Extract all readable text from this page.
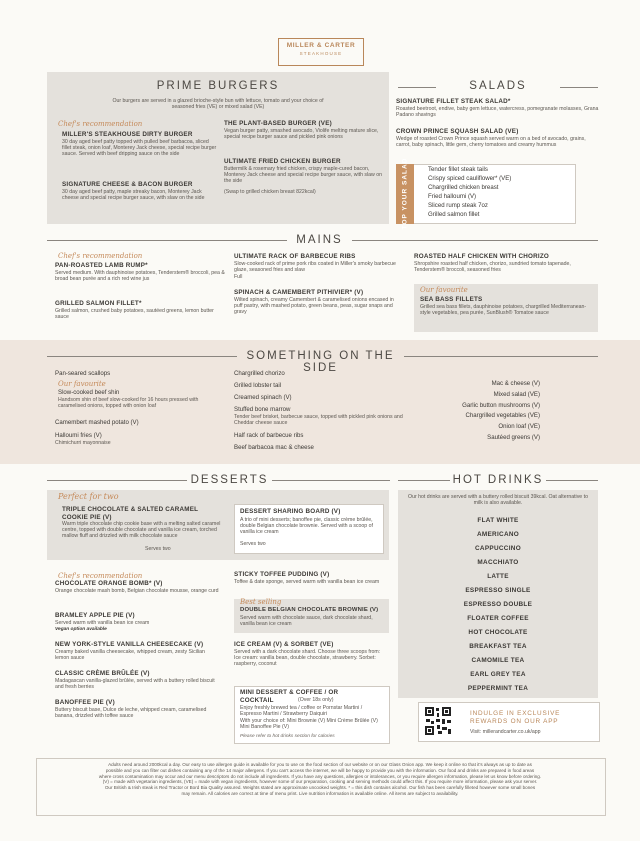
MILLER & CARTER
STEAKHOUSE
PRIME BURGERS
Our burgers are served in a glazed brioche-style bun with lettuce, tomato and your choice of seasoned fries (VE) or mixed salad (VE)
Chef's recommendation
MILLER'S STEAKHOUSE DIRTY BURGER
30 day aged beef patty topped with pulled beef barbacoa, sliced fillet steak, onion loaf, Monterey Jack cheese, special recipe burger sauce. Served with beef dripping sauce on the side
SIGNATURE CHEESE & BACON BURGER
30 day aged beef patty, maple streaky bacon, Monterey Jack cheese and special recipe burger sauce, with slaw on the side
THE PLANT-BASED BURGER (VE)
Vegan burger patty, smashed avocado, Violife melting mature slice, special recipe burger sauce and pickled pink onions
ULTIMATE FRIED CHICKEN BURGER
Buttermilk & rosemary fried chicken, crispy maple-cured bacon, Monterey Jack cheese and special recipe burger sauce, with slaw on the side
(Swap to grilled chicken breast 822kcal)
SALADS
SIGNATURE FILLET STEAK SALAD*
Roasted beetroot, endive, baby gem lettuce, watercress, pomegranate molasses, Grana Padano shavings
CROWN PRINCE SQUASH SALAD (VE)
Wedge of roasted Crown Prince squash served warm on a bed of avocado, grains, carrot, baby spinach, little gem, cherry tomatoes and creamy hummus
TOP YOUR SALAD	Tender fillet steak tails
Crispy spiced cauliflower* (VE)
Chargrilled chicken breast
Fried halloumi (V)
Sliced rump steak 7oz
Grilled salmon fillet
MAINS
Chef's recommendation
PAN-ROASTED LAMB RUMP*
Served medium. With dauphinoise potatoes, Tenderstem® broccoli, pea & broad bean purée and a rich red wine jus
GRILLED SALMON FILLET*
Grilled salmon, crushed baby potatoes, sautéed greens, lemon butter sauce
ULTIMATE RACK OF BARBECUE RIBS
Slow-cooked rack of prime pork ribs coated in Miller's smoky barbecue glaze, seasoned fries and slaw
Full
SPINACH & CAMEMBERT PITHIVIER* (V)
Wilted spinach, creamy Camembert & caramelised onions encased in puff pastry, with mashed potato, green beans, peas, sugar snaps and gravy
ROASTED HALF CHICKEN WITH CHORIZO
Shropshire roasted half chicken, chorizo, sundried tomato tapenade, Tenderstem® broccoli, seasoned fries
Our favourite
SEA BASS FILLETS
Grilled sea bass fillets, dauphinoise potatoes, chargrilled Mediterranean-style vegetables, pea purée, SunBlush® Tomatoe sauce
SOMETHING ON THE SIDE
Pan-seared scallops
Our favourite
Slow-cooked beef shin
Handsom shin of beef slow-cooked for 16 hours pressed with caramelised onions, topped with onion loaf
Camembert mashed potato (V)
Halloumi fries (V)
Chimichurri mayonnaise
Chargrilled chorizo
Grilled lobster tail
Creamed spinach (V)
Stuffed bone marrow
Tender beef brisket, barbecue sauce, topped with pickled pink onions and Cheddar cheese sauce
Half rack of barbecue ribs
Beef barbacoa mac & cheese
Mac & cheese (V)
Mixed salad (VE)
Garlic button mushrooms (V)
Chargrilled vegetables (VE)
Onion loaf (VE)
Sautéed greens (V)
DESSERTS
Perfect for two
TRIPLE CHOCOLATE & SALTED CARAMEL COOKIE PIE (V)
Warm triple chocolate chip cookie base with a melting salted caramel centre, topped with double chocolate and vanilla ice cream, torched mallow fluff and drizzled with milk chocolate sauce
Serves two
DESSERT SHARING BOARD (V)
A trio of mini desserts; banoffee pie, classic crème brûlée, double Belgian chocolate brownie. Served with a scoop of vanilla ice cream
Serves two
Chef's recommendation
CHOCOLATE ORANGE BOMB* (V)
Orange chocolate mash bomb, Belgian chocolate mousse, orange curd
BRAMLEY APPLE PIE (V)
Served warm with vanilla bean ice cream
Vegan option available
NEW YORK-STYLE VANILLA CHEESECAKE (V)
Creamy baked vanilla cheesecake, whipped cream, zesty Sicilian lemon sauce
CLASSIC CRÈME BRÛLÉE (V)
Madagascan vanilla-glazed brûlée, served with a buttery rolled biscuit and fresh berries
BANOFFEE PIE (V)
Buttery biscuit base, Dulce de leche, whipped cream, caramelised banana, drizzled with toffee sauce
STICKY TOFFEE PUDDING (V)
Toffee & date sponge, served warm with vanilla bean ice cream
Best selling
DOUBLE BELGIAN CHOCOLATE BROWNIE (V)
Served warm with chocolate sauce, dark chocolate shard, vanilla bean ice cream
ICE CREAM (V) & SORBET (VE)
Served with a dark chocolate shard. Choose three scoops from: Ice cream: vanilla bean, double chocolate, strawberry. Sorbet: raspberry, coconut
MINI DESSERT & COFFEE / OR COCKTAIL	(Over 18s only)
Enjoy freshly brewed tea / coffee or Pornstar Martini / Espresso Martini / Strawberry Daiquiri
With your choice of: Mini Brownie (V) Mini Crème Brûlée (V) Mini Banoffee Pie (V)
Please refer to hot drinks section for calories
HOT DRINKS
Our hot drinks are served with a buttery rolled biscuit 39kcal. Oat alternative to milk is also available.
FLAT WHITE
AMERICANO
CAPPUCCINO
MACCHIATO
LATTE
ESPRESSO SINGLE
ESPRESSO DOUBLE
FLOATER COFFEE
HOT CHOCOLATE
BREAKFAST TEA
CAMOMILE TEA
EARL GREY TEA
PEPPERMINT TEA
INDULGE IN EXCLUSIVE
REWARDS ON OUR APP
Visit: millerandcarter.co.uk/app
Adults need around 2000kcal a day. Our easy to use allergen guide is available for you to use on the food section of our website or on our Glass Onion app. We keep it online so that it's always as up to date as
possible and you can filter out dishes containing any of the 14 major allergens. If you can't access the internet, we will be happy to provide you with the information. Our food and drinks are prepared in food areas
where cross contamination may occur and our menu descriptors do not include all ingredients. If you have any questions, allergies or intolerances, or you require allergen information, please let us know before ordering.
(V) = made with vegetarian ingredients, (VE) = made with vegan ingredients, however some of our preparation, cooking and serving methods could affect this. If you require more information, please ask your server.
Our British & Irish steak is Red Tractor or Bord Bia Quality assured. Weights stated are approximate uncooked weights. * = this dish contains alcohol. Our fish has been carefully filleted however some small bones
may remain. All calories are correct at time of menu print. Live nutrition information is available online. All items are subject to availability.
